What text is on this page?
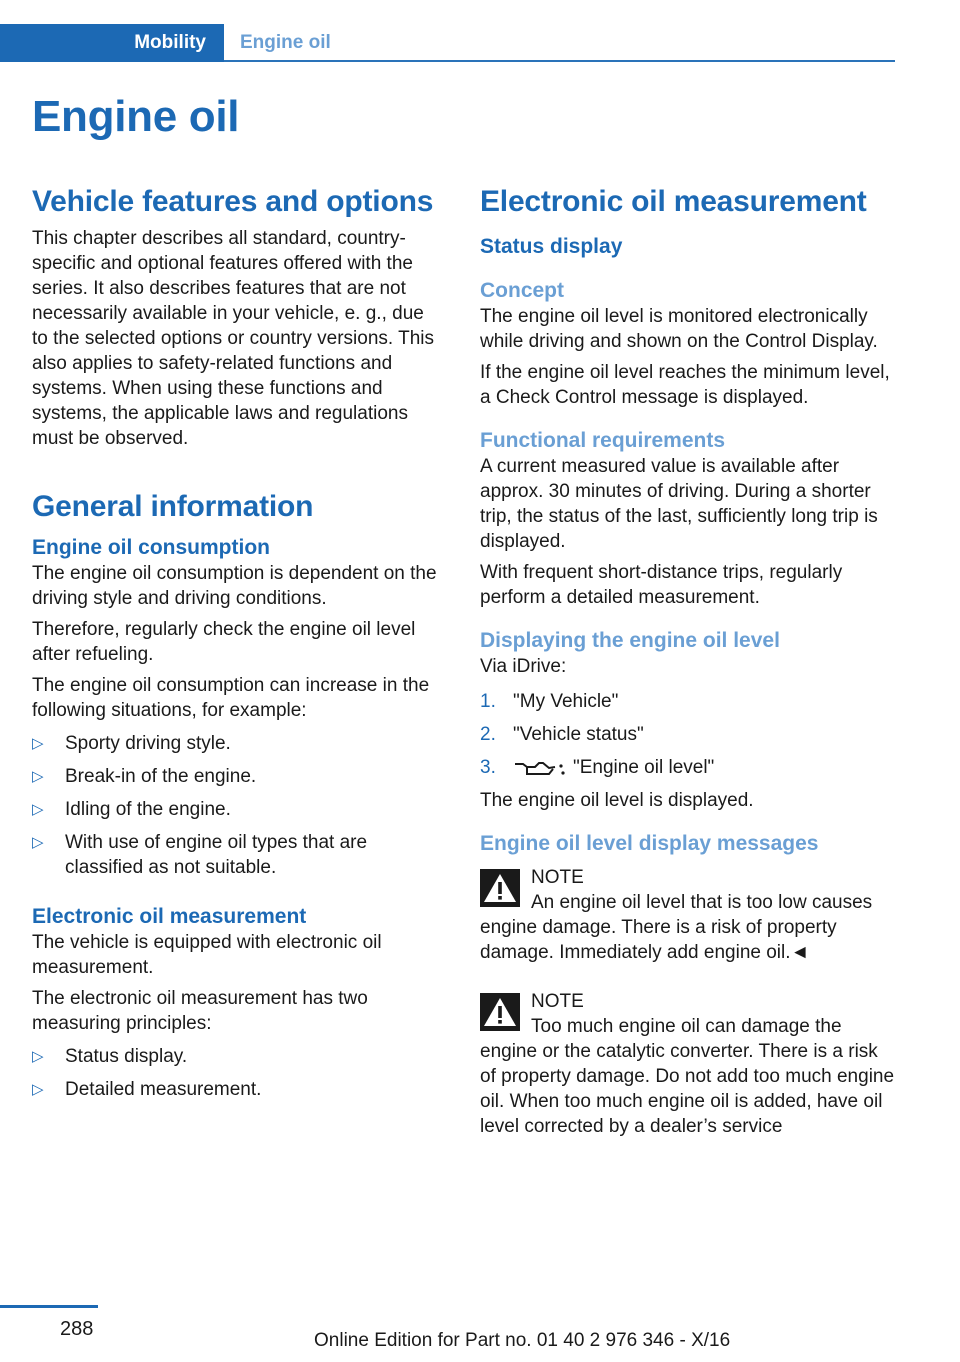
Mobility	Engine oil
Engine oil
Vehicle features and options

This chapter describes all standard, country-specific and optional features offered with the series. It also describes features that are not necessarily available in your vehicle, e. g., due to the selected options or country versions. This also applies to safety-related functions and systems. When using these functions and systems, the applicable laws and regulations must be observed.

General information
Engine oil consumption

The engine oil consumption is dependent on the driving style and driving conditions.

Therefore, regularly check the engine oil level after refueling.

The engine oil consumption can increase in the following situations, for example:

▷ Sporty driving style.
▷ Break-in of the engine.
▷ Idling of the engine.
▷ With use of engine oil types that are classified as not suitable.
Electronic oil measurement

The vehicle is equipped with electronic oil measurement.

The electronic oil measurement has two measuring principles:

▷ Status display.
▷ Detailed measurement.
Electronic oil measurement
Status display
Concept

The engine oil level is monitored electronically while driving and shown on the Control Display.

If the engine oil level reaches the minimum level, a Check Control message is displayed.

Functional requirements

A current measured value is available after approx. 30 minutes of driving. During a shorter trip, the status of the last, sufficiently long trip is displayed.

With frequent short-distance trips, regularly perform a detailed measurement.

Displaying the engine oil level

Via iDrive:

1. "My Vehicle"
2. "Vehicle status"
3.	"Engine oil level"

The engine oil level is displayed.

Engine oil level display messages
NOTE
An engine oil level that is too low causes engine damage. There is a risk of property damage. Immediately add engine oil.◄
NOTE
Too much engine oil can damage the engine or the catalytic converter. There is a risk of property damage. Do not add too much engine oil. When too much engine oil is added, have oil level corrected by a dealer’s service
288
Online Edition for Part no. 01 40 2 976 346 - X/16
